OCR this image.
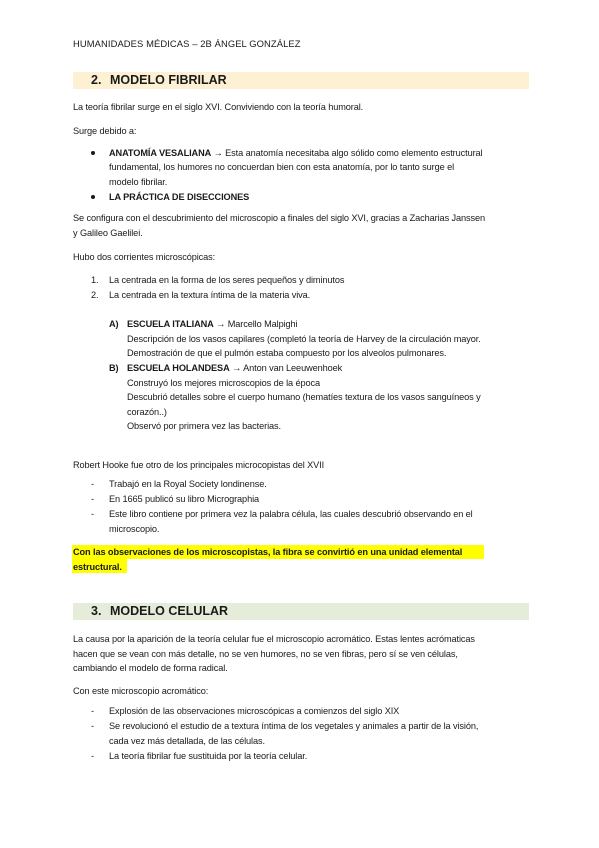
HUMANIDADES MÉDICAS – 2B ÁNGEL GONZÁLEZ
2. MODELO FIBRILAR
La teoría fibrilar surge en el siglo XVI. Conviviendo con la teoría humoral.
Surge debido a:
ANATOMÍA VESALIANA → Esta anatomía necesitaba algo sólido como elemento estructural
fundamental, los humores no concuerdan bien con esta anatomía, por lo tanto surge el
modelo fibrilar.
LA PRÁCTICA DE DISECCIONES
Se configura con el descubrimiento del microscopio a finales del siglo XVI, gracias a Zacharias Janssen
y Galileo Gaelilei.
Hubo dos corrientes microscópicas:
1. La centrada en la forma de los seres pequeños y diminutos
2. La centrada en la textura íntima de la materia viva.
A) ESCUELA ITALIANA → Marcello Malpighi
Descripción de los vasos capilares (completó la teoría de Harvey de la circulación mayor.
Demostración de que el pulmón estaba compuesto por los alveolos pulmonares.
B) ESCUELA HOLANDESA → Anton van Leeuwenhoek
Construyó los mejores microscopios de la época
Descubrió detalles sobre el cuerpo humano (hematíes textura de los vasos sanguíneos y
corazón..)
Observó por primera vez las bacterias.
Robert Hooke fue otro de los principales microcopistas del XVII
- Trabajó en la Royal Society londinense.
- En 1665 publicó su libro Micrographia
- Este libro contiene por primera vez la palabra célula, las cuales descubrió observando en el
microscopio.
Con las observaciones de los microscopistas, la fibra se convirtió en una unidad elemental
estructural.
3. MODELO CELULAR
La causa por la aparición de la teoría celular fue el microscopio acromático. Estas lentes acrómaticas
hacen que se vean con más detalle, no se ven humores, no se ven fibras, pero sí se ven células,
cambiando el modelo de forma radical.
Con este microscopio acromático:
- Explosión de las observaciones microscópicas a comienzos del siglo XIX
- Se revolucionó el estudio de a textura íntima de los vegetales y animales a partir de la visión,
cada vez más detallada, de las células.
- La teoría fibrilar fue sustituida por la teoría celular.
